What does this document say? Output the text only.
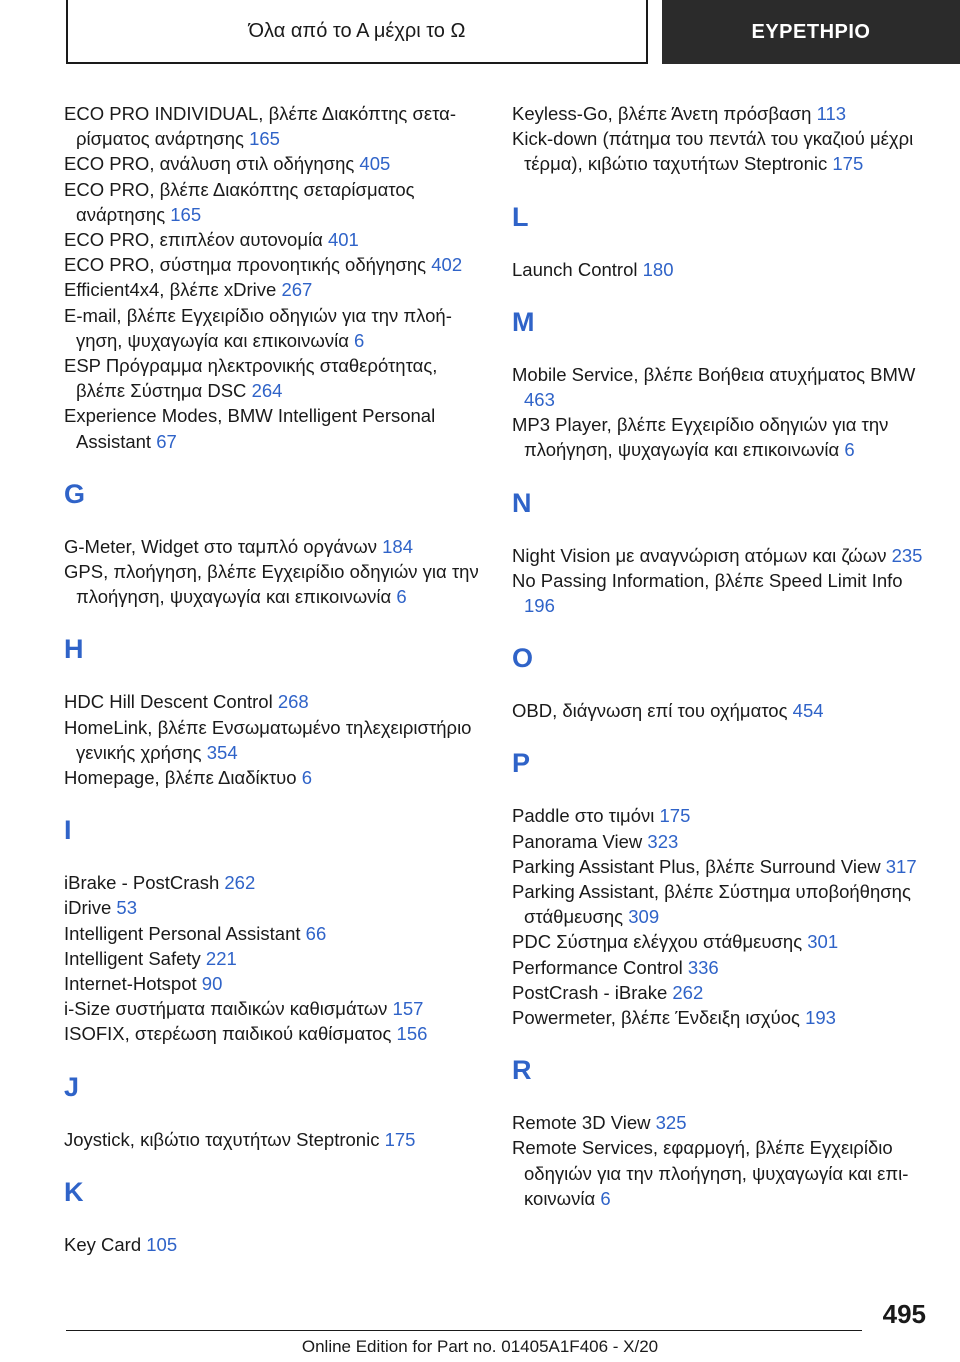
Όλα από το Α μέχρι το Ω	ΕΥΡΕΤΗΡΙΟ
ECO PRO INDIVIDUAL, βλέπε Διακόπτης σεταρίσματος ανάρτησης 165
ECO PRO, ανάλυση στιλ οδήγησης 405
ECO PRO, βλέπε Διακόπτης σεταρίσματος ανάρτησης 165
ECO PRO, επιπλέον αυτονομία 401
ECO PRO, σύστημα προνοητικής οδήγησης 402
Efficient4x4, βλέπε xDrive 267
E-mail, βλέπε Εγχειρίδιο οδηγιών για την πλοήγηση, ψυχαγωγία και επικοινωνία 6
ESP Πρόγραμμα ηλεκτρονικής σταθερότητας, βλέπε Σύστημα DSC 264
Experience Modes, BMW Intelligent Personal Assistant 67
G
G-Meter, Widget στο ταμπλό οργάνων 184
GPS, πλοήγηση, βλέπε Εγχειρίδιο οδηγιών για την πλοήγηση, ψυχαγωγία και επικοινωνία 6
H
HDC Hill Descent Control 268
HomeLink, βλέπε Ενσωματωμένο τηλεχειριστήριο γενικής χρήσης 354
Homepage, βλέπε Διαδίκτυο 6
I
iBrake - PostCrash 262
iDrive 53
Intelligent Personal Assistant 66
Intelligent Safety 221
Internet-Hotspot 90
i-Size συστήματα παιδικών καθισμάτων 157
ISOFIX, στερέωση παιδικού καθίσματος 156
J
Joystick, κιβώτιο ταχυτήτων Steptronic 175
K
Key Card 105
Keyless-Go, βλέπε Άνετη πρόσβαση 113
Kick-down (πάτημα του πεντάλ του γκαζιού μέχρι τέρμα), κιβώτιο ταχυτήτων Steptronic 175
L
Launch Control 180
M
Mobile Service, βλέπε Βοήθεια ατυχήματος BMW 463
MP3 Player, βλέπε Εγχειρίδιο οδηγιών για την πλοήγηση, ψυχαγωγία και επικοινωνία 6
N
Night Vision με αναγνώριση ατόμων και ζώων 235
No Passing Information, βλέπε Speed Limit Info 196
O
OBD, διάγνωση επί του οχήματος 454
P
Paddle στο τιμόνι 175
Panorama View 323
Parking Assistant Plus, βλέπε Surround View 317
Parking Assistant, βλέπε Σύστημα υποβοήθησης στάθμευσης 309
PDC Σύστημα ελέγχου στάθμευσης 301
Performance Control 336
PostCrash - iBrake 262
Powermeter, βλέπε Ένδειξη ισχύος 193
R
Remote 3D View 325
Remote Services, εφαρμογή, βλέπε Εγχειρίδιο οδηγιών για την πλοήγηση, ψυχαγωγία και επικοινωνία 6
495
Online Edition for Part no. 01405A1F406 - X/20
